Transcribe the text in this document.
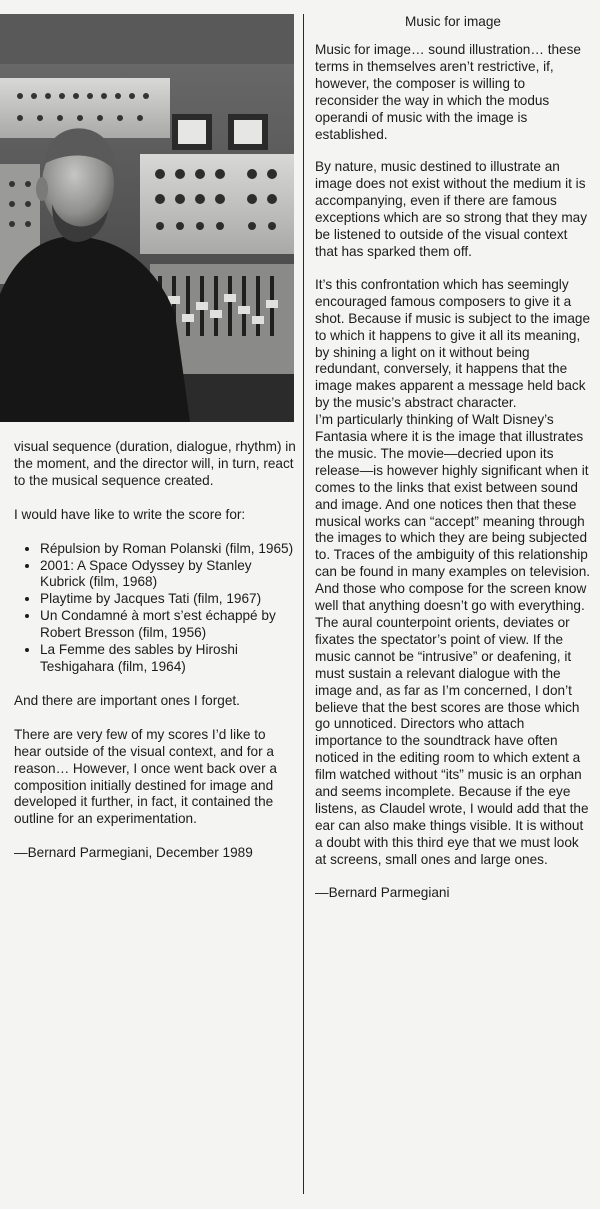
visual sequence (duration, dialogue, rhythm) in the moment, and the director will, in turn, react to the musical sequence created.

I would have like to write the score for:

• Répulsion by Roman Polanski (film, 1965)
• 2001: A Space Odyssey by Stanley Kubrick (film, 1968)
• Playtime by Jacques Tati (film, 1967)
• Un Condamné à mort s’est échappé by Robert Bresson (film, 1956)
• La Femme des sables by Hiroshi Teshigahara (film, 1964)

And there are important ones I forget.

There are very few of my scores I’d like to hear outside of the visual context, and for a reason… However, I once went back over a composition initially destined for image and developed it further, in fact, it contained the outline for an experimentation.

—Bernard Parmegiani, December 1989

Music for image

Music for image… sound illustration… these terms in themselves aren’t restrictive, if, however, the composer is willing to reconsider the way in which the modus operandi of music with the image is established.

By nature, music destined to illustrate an image does not exist without the medium it is accompanying, even if there are famous exceptions which are so strong that they may be listened to outside of the visual context that has sparked them off.

It’s this confrontation which has seemingly encouraged famous composers to give it a shot. Because if music is subject to the image to which it happens to give it all its meaning, by shining a light on it without being redundant, conversely, it happens that the image makes apparent a message held back by the music’s abstract character.

I’m particularly thinking of Walt Disney’s Fantasia where it is the image that illustrates the music. The movie—decried upon its release—is however highly significant when it comes to the links that exist between sound and image. And one notices then that these musical works can “accept” meaning through the images to which they are being subjected to. Traces of the ambiguity of this relationship can be found in many examples on television. And those who compose for the screen know well that anything doesn’t go with everything. The aural counterpoint orients, deviates or fixates the spectator’s point of view. If the music cannot be “intrusive” or deafening, it must sustain a relevant dialogue with the image and, as far as I’m concerned, I don’t believe that the best scores are those which go unnoticed. Directors who attach importance to the soundtrack have often noticed in the editing room to which extent a film watched without “its” music is an orphan and seems incomplete. Because if the eye listens, as Claudel wrote, I would add that the ear can also make things visible. It is without a doubt with this third eye that we must look at screens, small ones and large ones.

—Bernard Parmegiani
